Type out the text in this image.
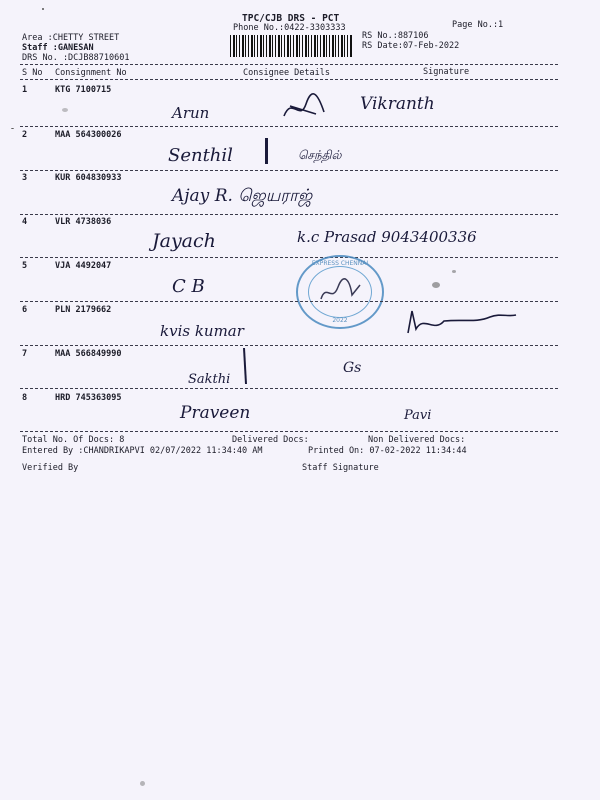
TPC/CJB DRS - PCT
Phone No.:0422-3303333	Page No.:1
Area :CHETTY STREET
Staff :GANESAN
DRS No. :DCJB88710601
RS No.:887106
RS Date:07-Feb-2022
S No Consignment No	Consignee Details	Signature
1	KTG 7100715
Arun	Vikranth
2	MAA 564300026
Senthil	செந்தில்
3	KUR 604830933
Ajay R. ஜெயராஜ்
4	VLR 4738036
Jayach	k.c Prasad 9043400336
5	VJA 4492047
C B
EXPRESS CHENNAI
2022
6	PLN 2179662
kvis kumar
7	MAA 566849990
Sakthi
Gs
8	HRD 745363095
Praveen	Pavi
Total No. Of Docs: 8	Delivered Docs:	Non Delivered Docs:
Entered By :CHANDRIKAPVI 02/07/2022 11:34:40 AM	Printed On: 07-02-2022 11:34:44
Verified By	Staff Signature
